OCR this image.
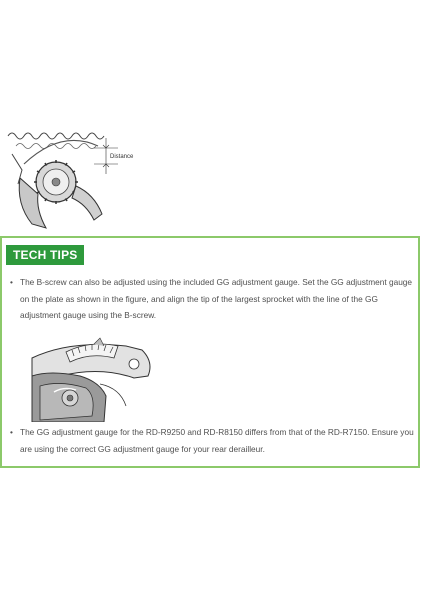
Distance
TECH TIPS
• The B-screw can also be adjusted using the included GG adjustment gauge. Set the GG adjustment gauge on the plate as shown in the figure, and align the tip of the largest sprocket with the line of the GG adjustment gauge using the B-screw.
• The GG adjustment gauge for the RD-R9250 and RD-R8150 differs from that of the RD-R7150. Ensure you are using the correct GG adjustment gauge for your rear derailleur.
